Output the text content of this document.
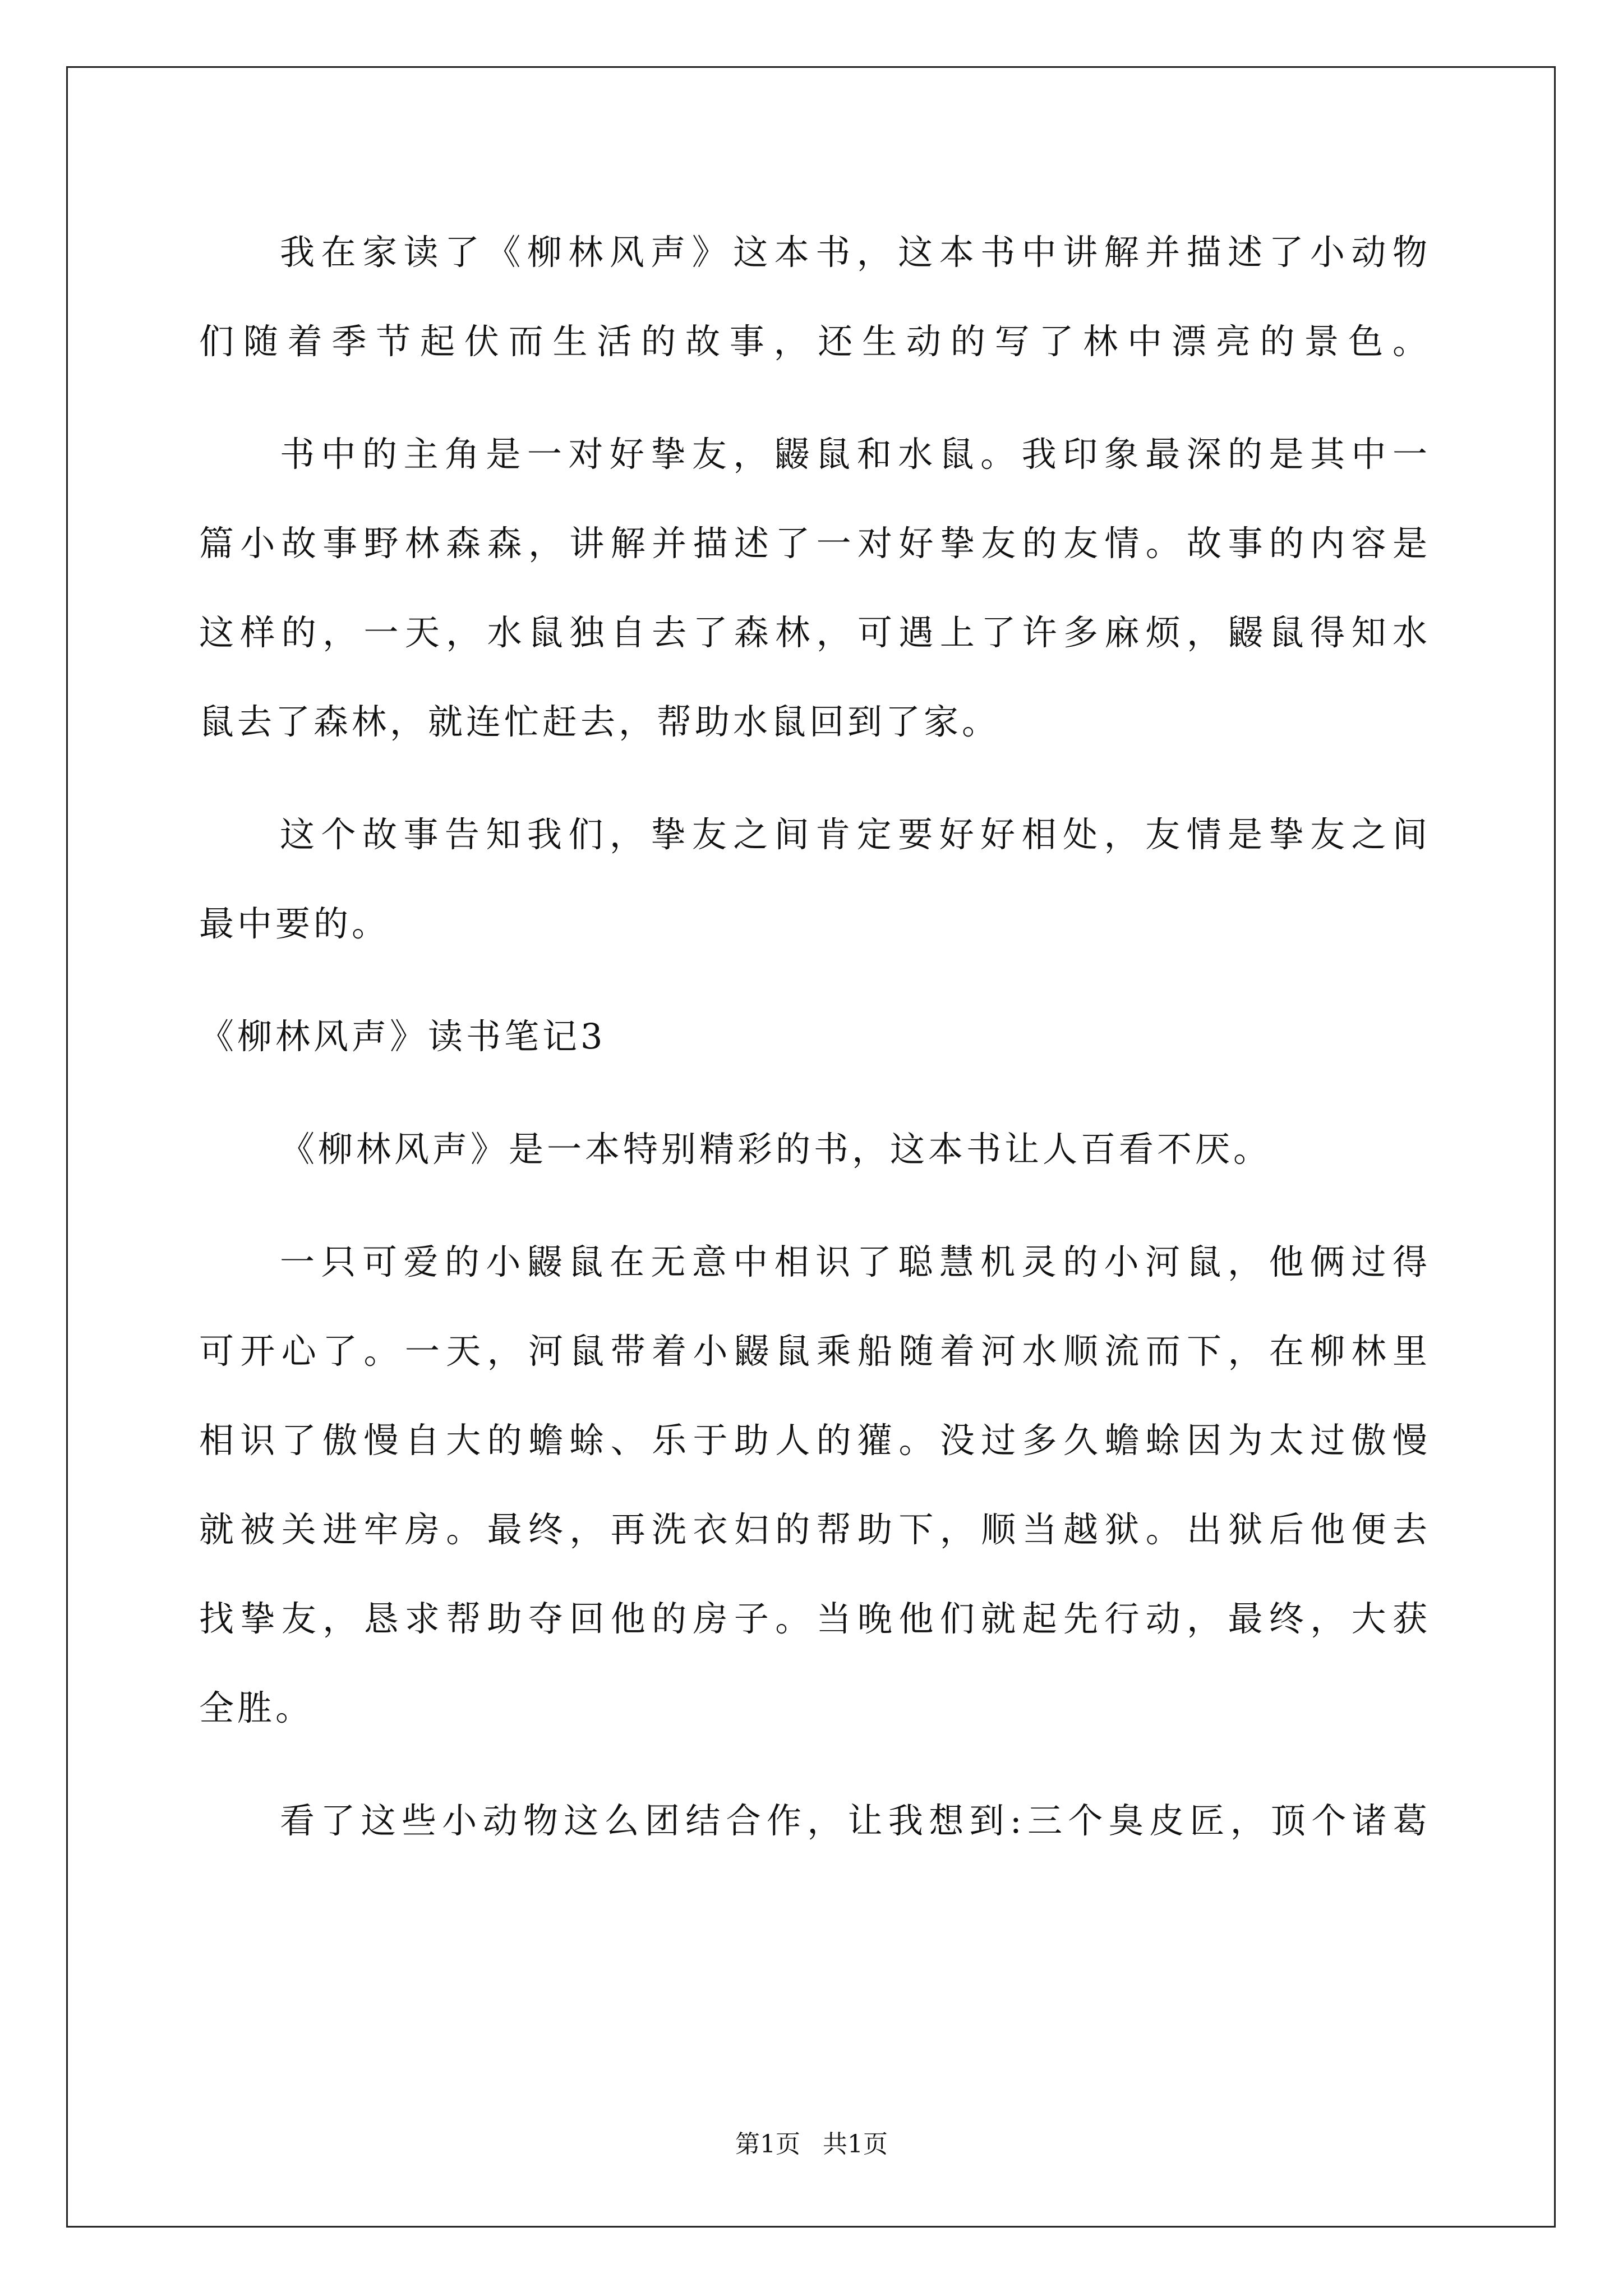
我在家读了《柳林风声》这本书，这本书中讲解并描述了小动物
们随着季节起伏而生活的故事，还生动的写了林中漂亮的景色。
书中的主角是一对好挚友，鼹鼠和水鼠。我印象最深的是其中一
篇小故事野林森森，讲解并描述了一对好挚友的友情。故事的内容是
这样的，一天，水鼠独自去了森林，可遇上了许多麻烦，鼹鼠得知水
鼠去了森林，就连忙赶去，帮助水鼠回到了家。
这个故事告知我们，挚友之间肯定要好好相处，友情是挚友之间
最中要的。
《柳林风声》读书笔记3
《柳林风声》是一本特别精彩的书，这本书让人百看不厌。
一只可爱的小鼹鼠在无意中相识了聪慧机灵的小河鼠，他俩过得
可开心了。一天，河鼠带着小鼹鼠乘船随着河水顺流而下，在柳林里
相识了傲慢自大的蟾蜍、乐于助人的獾。没过多久蟾蜍因为太过傲慢
就被关进牢房。最终，再洗衣妇的帮助下，顺当越狱。出狱后他便去
找挚友，恳求帮助夺回他的房子。当晚他们就起先行动，最终，大获
全胜。
看了这些小动物这么团结合作，让我想到:三个臭皮匠，顶个诸葛
第1页 共1页
